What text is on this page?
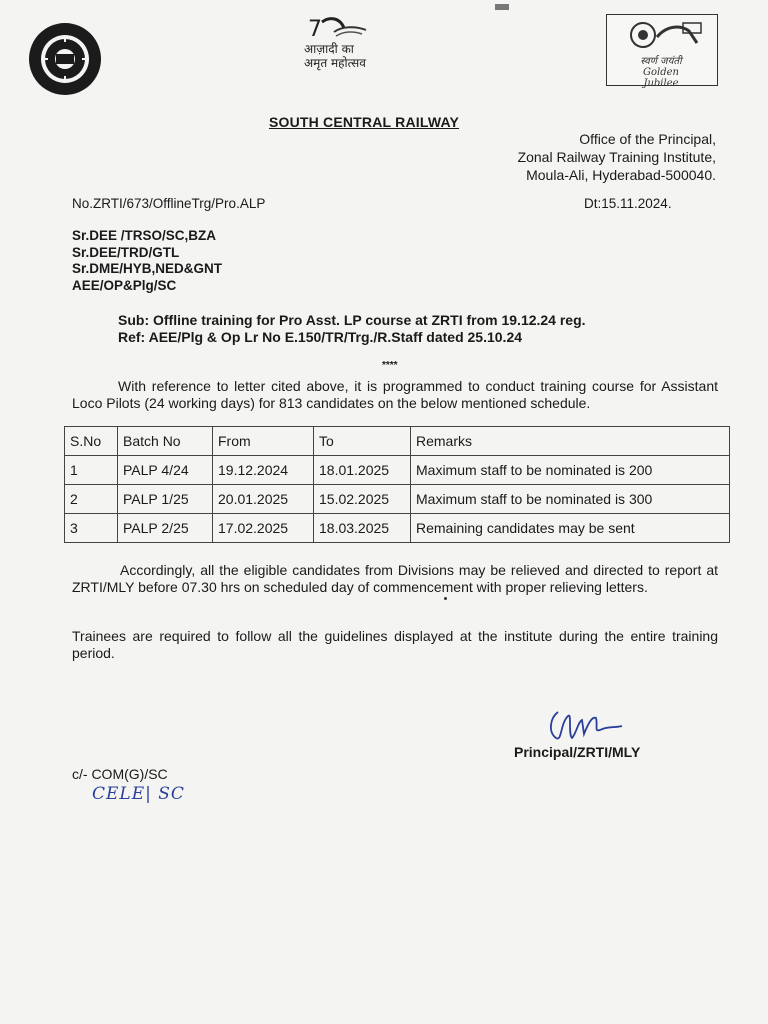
7
आज़ादी का
अमृत महोत्सव	स्वर्ण जयंती
Golden Jubilee
SOUTH CENTRAL RAILWAY
Office of the Principal,
Zonal Railway Training Institute,
Moula-Ali, Hyderabad-500040.
No.ZRTI/673/OfflineTrg/Pro.ALP	Dt:15.11.2024.
Sr.DEE /TRSO/SC,BZA
Sr.DEE/TRD/GTL
Sr.DME/HYB,NED&GNT
AEE/OP&Plg/SC
Sub: Offline training for Pro Asst. LP course at ZRTI from 19.12.24 reg.
Ref: AEE/Plg & Op Lr No E.150/TR/Trg./R.Staff dated 25.10.24
****
With reference to letter cited above, it is programmed to conduct training course for Assistant Loco Pilots (24 working days) for 813 candidates on the below mentioned schedule.
S.No	Batch No	From	To	Remarks
1	PALP 4/24	19.12.2024	18.01.2025	Maximum staff to be nominated is 200
2	PALP 1/25	20.01.2025	15.02.2025	Maximum staff to be nominated is 300
3	PALP 2/25	17.02.2025	18.03.2025	Remaining candidates may be sent
Accordingly, all the eligible candidates from Divisions may be relieved and directed to report at ZRTI/MLY before 07.30 hrs on scheduled day of commencement with proper relieving letters.
Trainees are required to follow all the guidelines displayed at the institute during the entire training period.
Principal/ZRTI/MLY
c/- COM(G)/SC
CELE| SC
